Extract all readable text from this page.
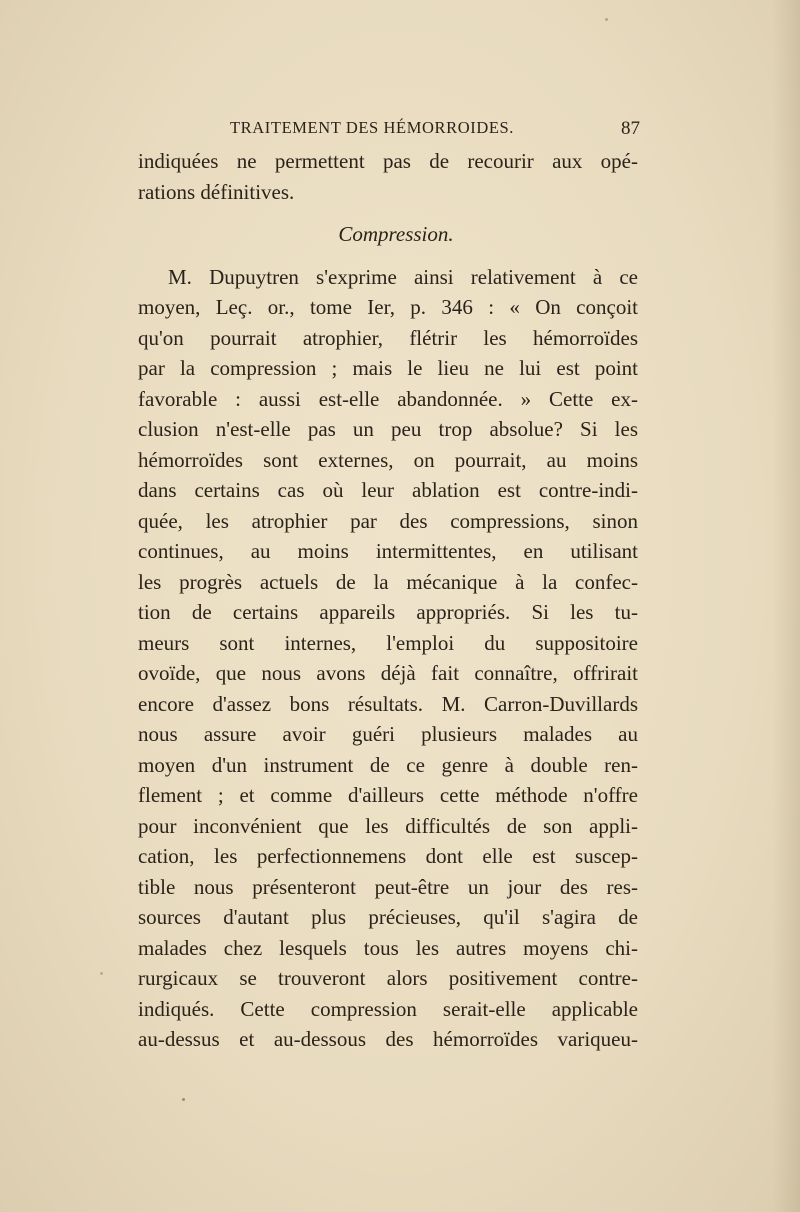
TRAITEMENT DES HÉMORROIDES.	87
indiquées ne permettent pas de recourir aux opé-
rations définitives.
Compression.
M. Dupuytren s'exprime ainsi relativement à ce
moyen, Leç. or., tome Ier, p. 346 : « On conçoit
qu'on pourrait atrophier, flétrir les hémorroïdes
par la compression ; mais le lieu ne lui est point
favorable : aussi est-elle abandonnée. » Cette ex-
clusion n'est-elle pas un peu trop absolue? Si les
hémorroïdes sont externes, on pourrait, au moins
dans certains cas où leur ablation est contre-indi-
quée, les atrophier par des compressions, sinon
continues, au moins intermittentes, en utilisant
les progrès actuels de la mécanique à la confec-
tion de certains appareils appropriés. Si les tu-
meurs sont internes, l'emploi du suppositoire
ovoïde, que nous avons déjà fait connaître, offrirait
encore d'assez bons résultats. M. Carron-Duvillards
nous assure avoir guéri plusieurs malades au
moyen d'un instrument de ce genre à double ren-
flement ; et comme d'ailleurs cette méthode n'offre
pour inconvénient que les difficultés de son appli-
cation, les perfectionnemens dont elle est suscep-
tible nous présenteront peut-être un jour des res-
sources d'autant plus précieuses, qu'il s'agira de
malades chez lesquels tous les autres moyens chi-
rurgicaux se trouveront alors positivement contre-
indiqués. Cette compression serait-elle applicable
au-dessus et au-dessous des hémorroïdes variqueu-
